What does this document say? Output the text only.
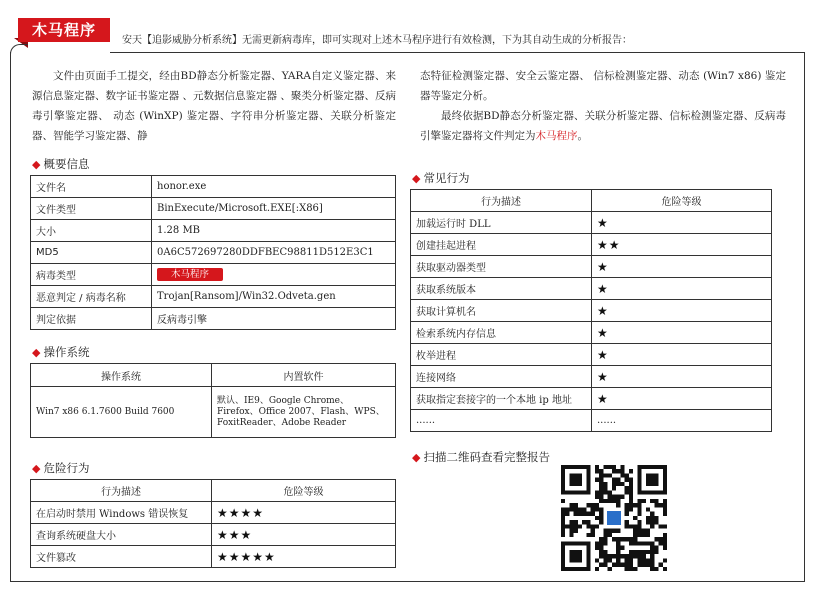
木马程序
安天【追影威胁分析系统】无需更新病毒库，即可实现对上述木马程序进行有效检测，下为其自动生成的分析报告：
文件由页面手工提交，经由BD静态分析鉴定器、YARA自定义鉴定器、来源信息鉴定器、数字证书鉴定器 、元数据信息鉴定器 、聚类分析鉴定器、反病毒引擎鉴定器、 动态 (WinXP) 鉴定器、字符串分析鉴定器、关联分析鉴定器、智能学习鉴定器、静
态特征检测鉴定器、安全云鉴定器、 信标检测鉴定器、动态 (Win7 x86) 鉴定器等鉴定分析。
最终依据BD静态分析鉴定器、关联分析鉴定器、信标检测鉴定器、反病毒引擎鉴定器将文件判定为木马程序。
◆ 概要信息
文件名	honor.exe
文件类型	BinExecute/Microsoft.EXE[:X86]
大小	1.28 MB
MD5	0A6C572697280DDFBEC98811D512E3C1
病毒类型	木马程序
恶意判定 / 病毒名称	Trojan[Ransom]/Win32.Odveta.gen
判定依据	反病毒引擎
◆ 操作系统
操作系统	内置软件
Win7 x86 6.1.7600 Build 7600	默认、IE9、Google Chrome、Firefox、Office 2007、Flash、WPS、FoxitReader、Adobe Reader
◆ 危险行为
行为描述	危险等级
在启动时禁用 Windows 错误恢复	★★★★
查询系统硬盘大小	★★★
文件篡改	★★★★★
◆ 常见行为
行为描述	危险等级
加载运行时 DLL	★
创建挂起进程	★★
获取驱动器类型	★
获取系统版本	★
获取计算机名	★
检索系统内存信息	★
枚举进程	★
连接网络	★
获取指定套接字的一个本地 ip 地址	★
......	......
◆ 扫描二维码查看完整报告
